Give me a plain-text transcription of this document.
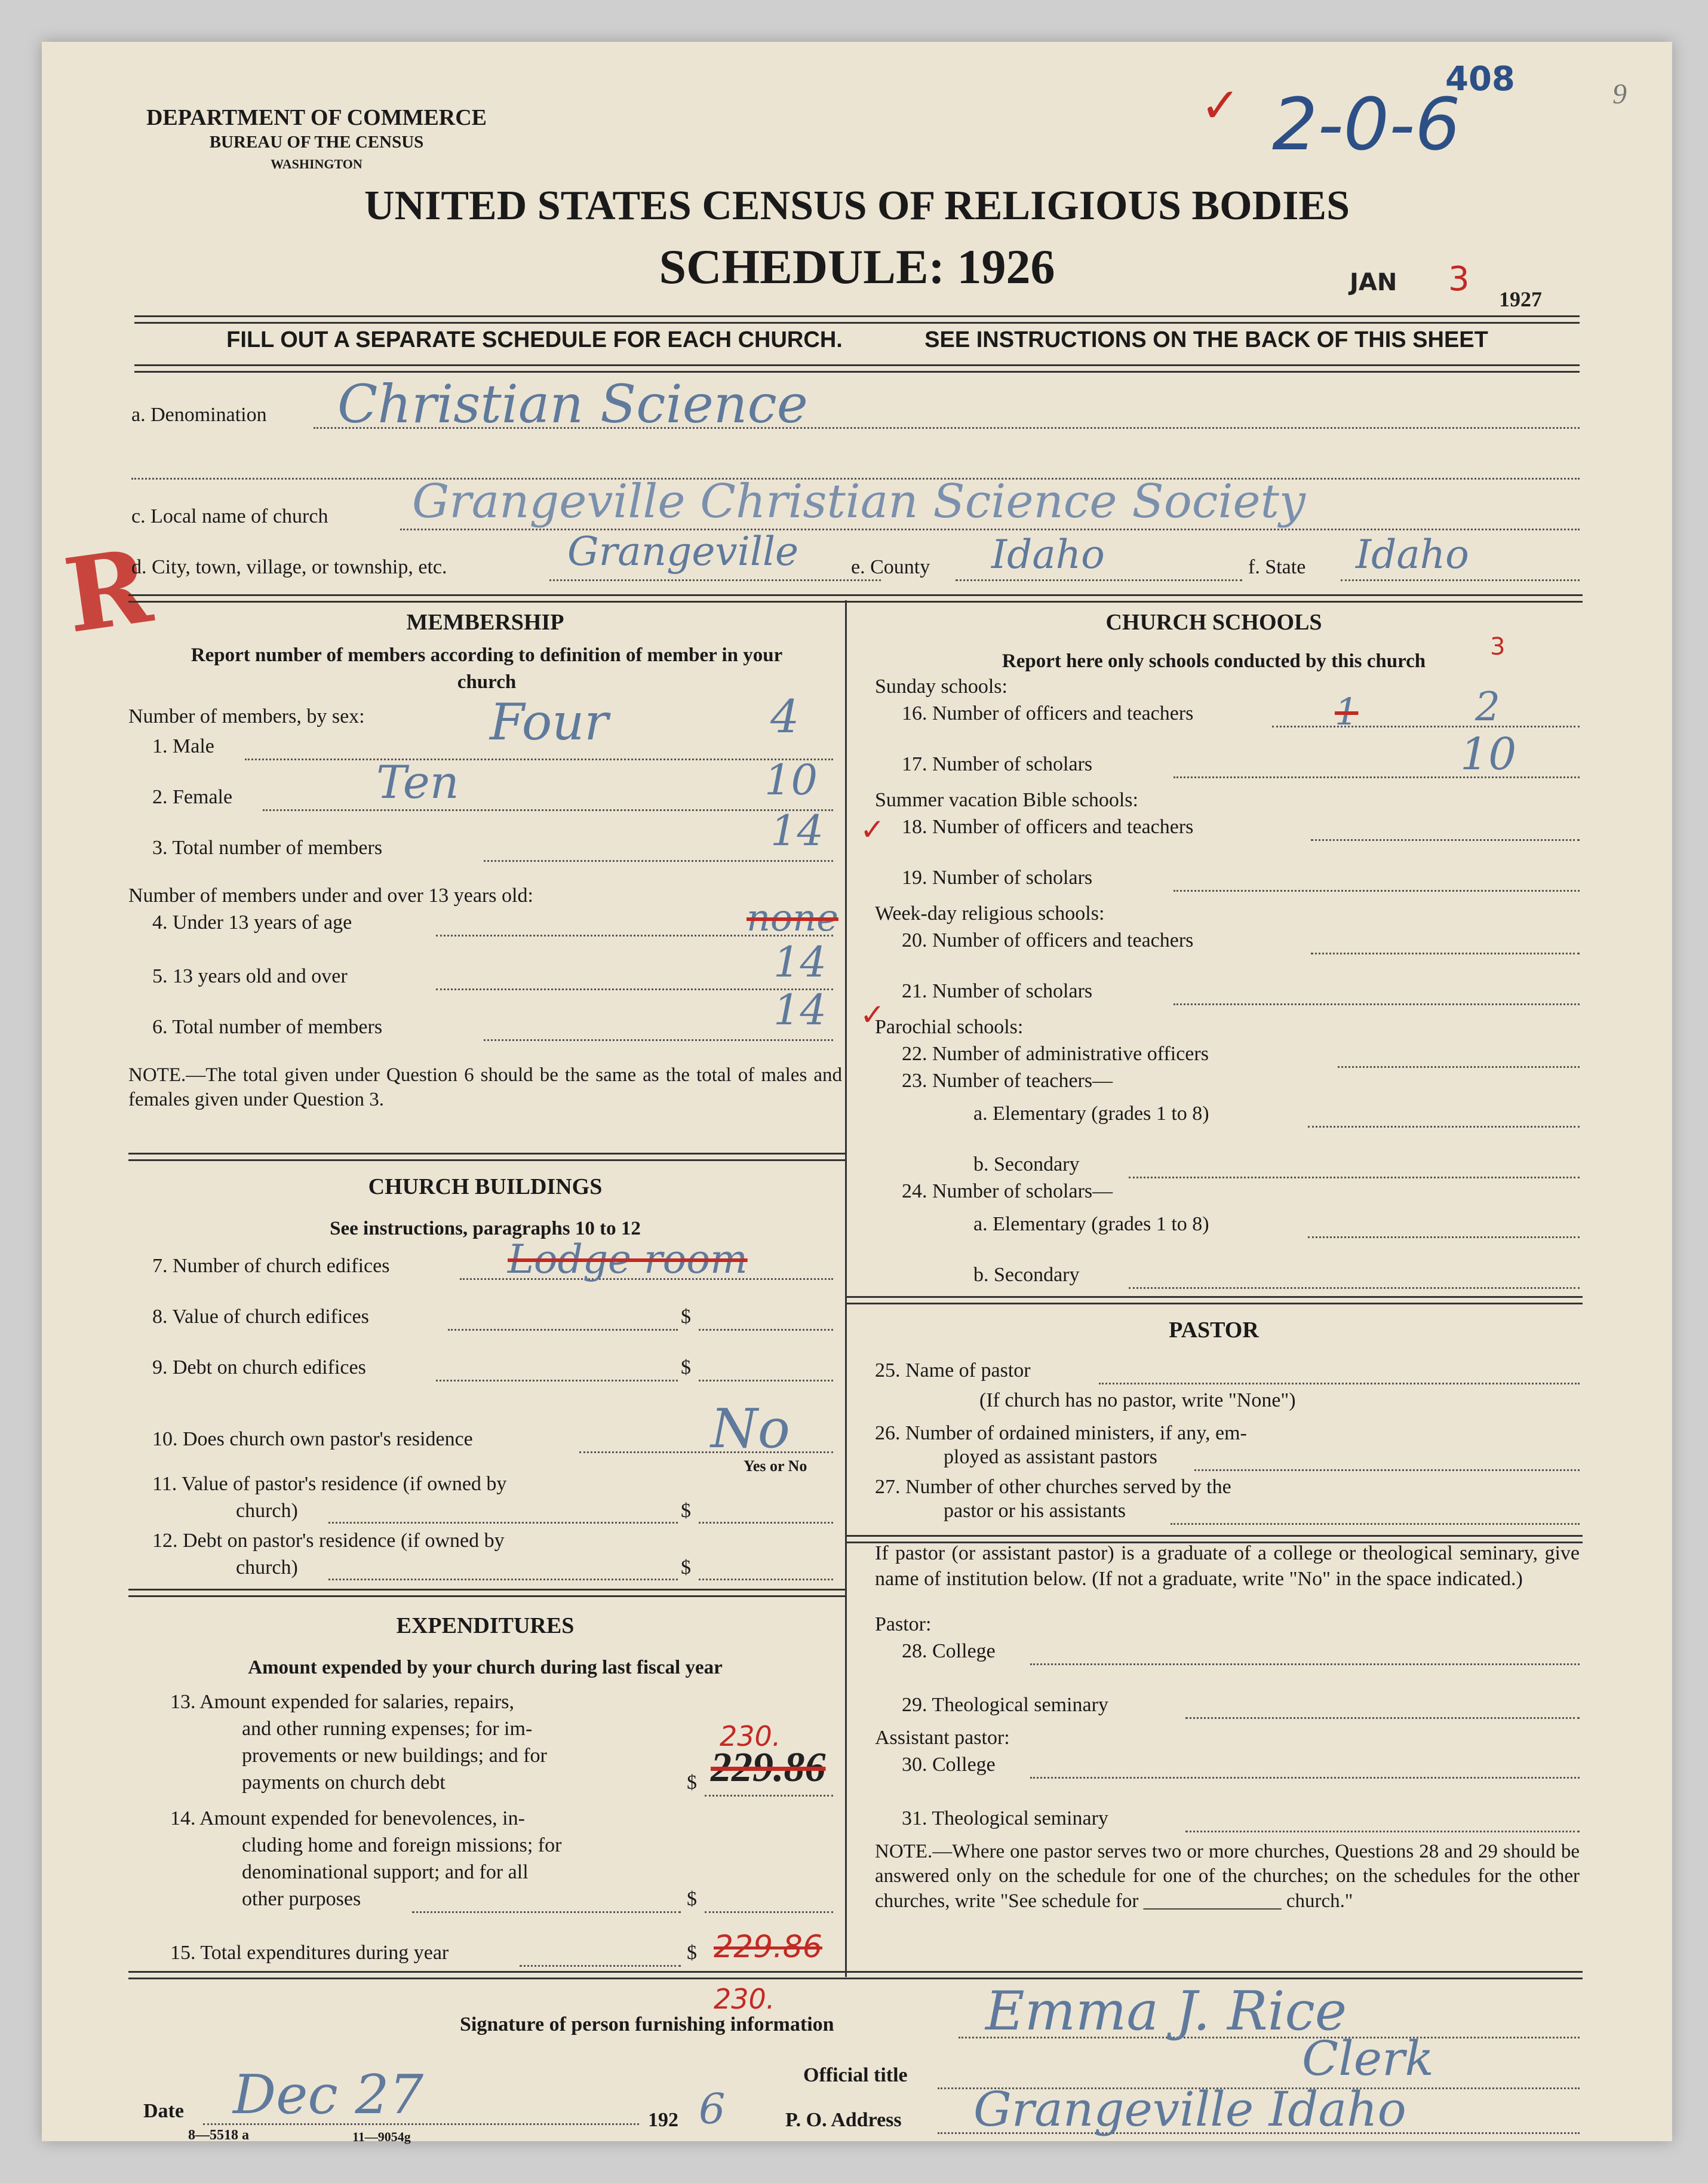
408
2-0-6	9
✓
JAN 3
1927
R
DEPARTMENT OF COMMERCE
BUREAU OF THE CENSUS
WASHINGTON
UNITED STATES CENSUS OF RELIGIOUS BODIES
SCHEDULE: 1926
FILL OUT A SEPARATE SCHEDULE FOR EACH CHURCH.	SEE INSTRUCTIONS ON THE BACK OF THIS SHEET
a. Denomination Christian Science
c. Local name of church Grangeville Christian Science Society
d. City, town, village, or township, etc.	Grangeville	e. County Idaho	f. State Idaho
MEMBERSHIP
Report number of members according to definition of member in your church
Number of members, by sex:
1. Male	Four	4
2. Female	Ten	10
3. Total number of members	14 ✓
Number of members under and over 13 years old:
4. Under 13 years of age	none
5. 13 years old and over	14
6. Total number of members	14 ✓
NOTE.—The total given under Question 6 should be the same as the total of males and females given under Question 3.
CHURCH BUILDINGS
See instructions, paragraphs 10 to 12
7. Number of church edifices	Lodge room
8. Value of church edifices	$
9. Debt on church edifices	$
10. Does church own pastor's residence	No
Yes or No
11. Value of pastor's residence (if owned by
church)	$
12. Debt on pastor's residence (if owned by
church)	$
EXPENDITURES
Amount expended by your church during last fiscal year
13. Amount expended for salaries, repairs,
and other running expenses; for im-
provements or new buildings; and for
payments on church debt	$
230.
229.86
14. Amount expended for benevolences, in-
cluding home and foreign missions; for
denominational support; and for all
other purposes	$
15. Total expenditures during year	$ 229.86
230.
CHURCH SCHOOLS
Report here only schools conducted by this church
3
Sunday schools:
16. Number of officers and teachers	1	2
17. Number of scholars	10
Summer vacation Bible schools:
18. Number of officers and teachers
19. Number of scholars
Week-day religious schools:
20. Number of officers and teachers
21. Number of scholars
Parochial schools:
22. Number of administrative officers
23. Number of teachers—
a. Elementary (grades 1 to 8)
b. Secondary
24. Number of scholars—
a. Elementary (grades 1 to 8)
b. Secondary
PASTOR
25. Name of pastor
(If church has no pastor, write "None")
26. Number of ordained ministers, if any, em-
ployed as assistant pastors
27. Number of other churches served by the
pastor or his assistants
If pastor (or assistant pastor) is a graduate of a college or theological seminary, give name of institution below. (If not a graduate, write "No" in the space indicated.)
Pastor:
28. College
29. Theological seminary
Assistant pastor:
30. College
31. Theological seminary
NOTE.—Where one pastor serves two or more churches, Questions 28 and 29 should be answered only on the schedule for one of the churches; on the schedules for the other churches, write "See schedule for ______________ church."
Signature of person furnishing information	Emma J. Rice
Official title	Clerk
Date Dec 27	192 6	P. O. Address Grangeville Idaho
8—5518 a	11—9054g
